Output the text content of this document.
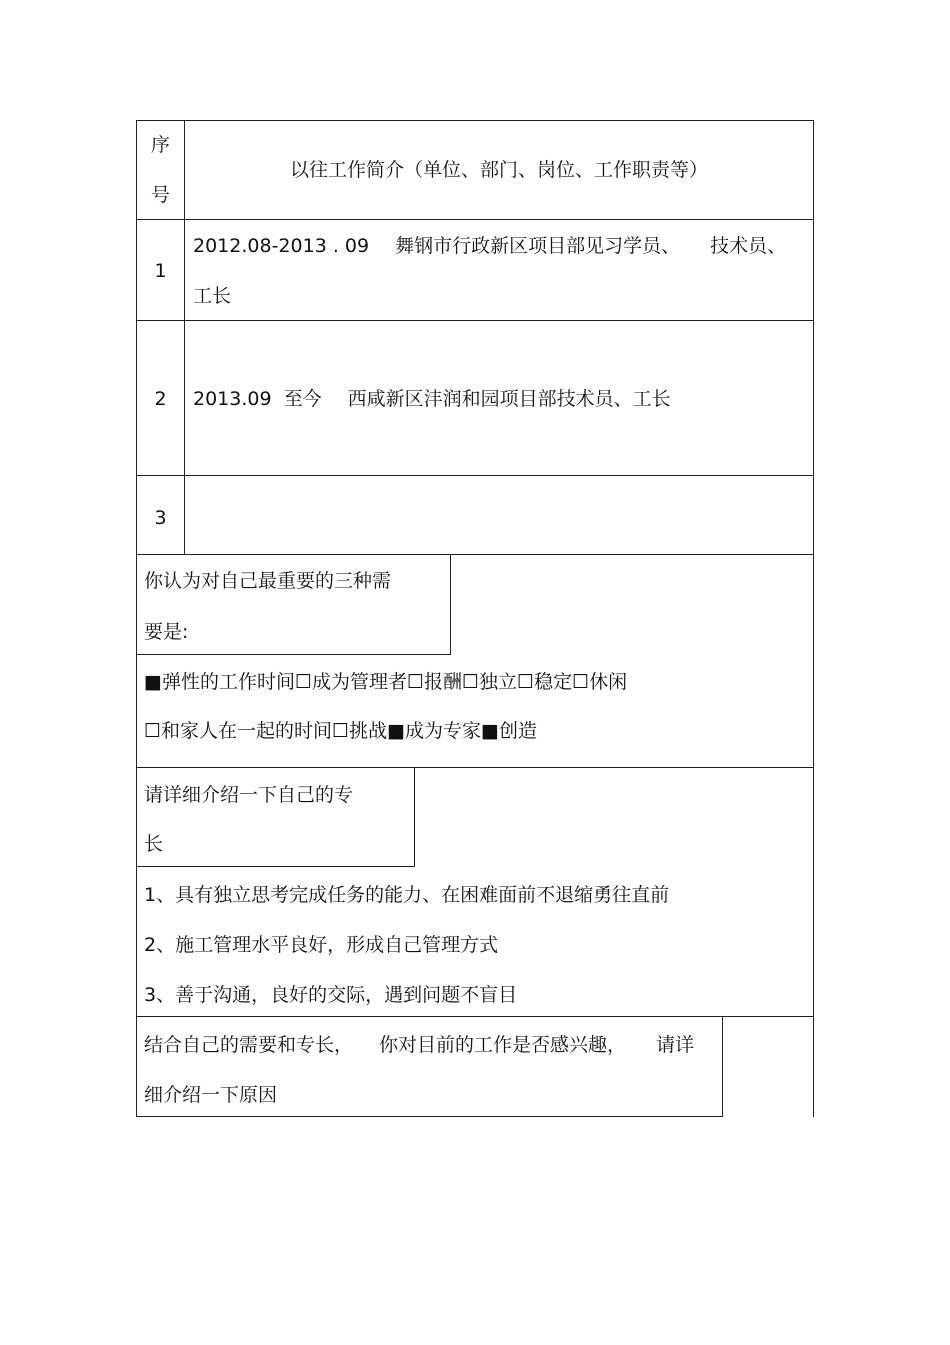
序
号
以往工作简介（单位、部门、岗位、工作职责等）
1
2012.08-2013 . 09 舞钢市行政新区项目部见习学员、 技术员、
工长
2	2013.09 至今 西咸新区沣润和园项目部技术员、工长
3
你认为对自己最重要的三种需
要是:
■弹性的工作时间☐成为管理者☐报酬☐独立☐稳定☐休闲
☐和家人在一起的时间☐挑战■成为专家■创造
请详细介绍一下自己的专
长
1、具有独立思考完成任务的能力、在困难面前不退缩勇往直前
2、施工管理水平良好，形成自己管理方式
3、善于沟通，良好的交际，遇到问题不盲目
结合自己的需要和专长， 你对目前的工作是否感兴趣， 请详
细介绍一下原因
